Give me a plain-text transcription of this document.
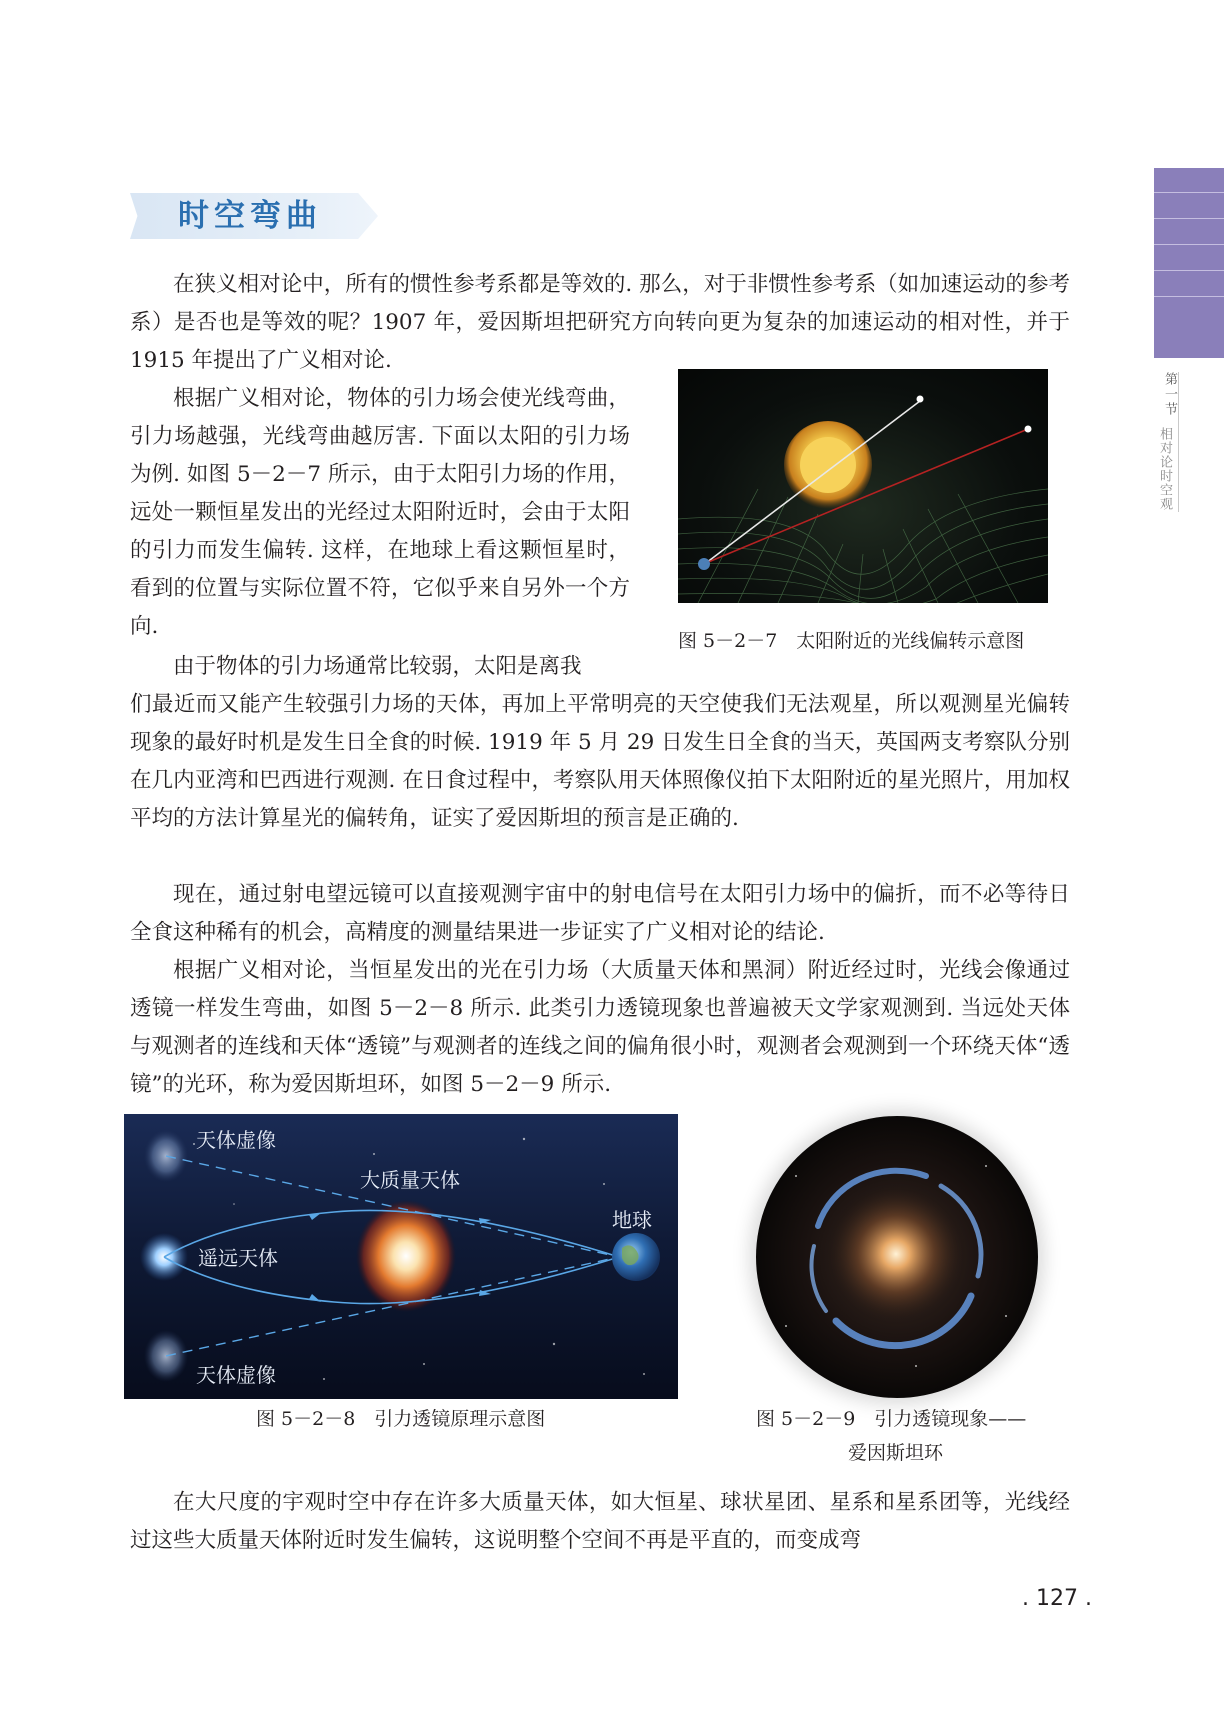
时空弯曲
第一节
相对论时空观
在狭义相对论中，所有的惯性参考系都是等效的. 那么，对于非惯性参考系（如加速运动的参考系）是否也是等效的呢？1907 年，爱因斯坦把研究方向转向更为复杂的加速运动的相对性，并于 1915 年提出了广义相对论.
根据广义相对论，物体的引力场会使光线弯曲，引力场越强，光线弯曲越厉害. 下面以太阳的引力场为例. 如图 5－2－7 所示，由于太阳引力场的作用，远处一颗恒星发出的光经过太阳附近时，会由于太阳的引力而发生偏转. 这样，在地球上看这颗恒星时，看到的位置与实际位置不符，它似乎来自另外一个方向.
由于物体的引力场通常比较弱，太阳是离我
们最近而又能产生较强引力场的天体，再加上平常明亮的天空使我们无法观星，所以观测星光偏转现象的最好时机是发生日全食的时候. 1919 年 5 月 29 日发生日全食的当天，英国两支考察队分别在几内亚湾和巴西进行观测. 在日食过程中，考察队用天体照像仪拍下太阳附近的星光照片，用加权平均的方法计算星光的偏转角，证实了爱因斯坦的预言是正确的.
现在，通过射电望远镜可以直接观测宇宙中的射电信号在太阳引力场中的偏折，而不必等待日全食这种稀有的机会，高精度的测量结果进一步证实了广义相对论的结论.
根据广义相对论，当恒星发出的光在引力场（大质量天体和黑洞）附近经过时，光线会像通过透镜一样发生弯曲，如图 5－2－8 所示. 此类引力透镜现象也普遍被天文学家观测到. 当远处天体与观测者的连线和天体“透镜”与观测者的连线之间的偏角很小时，观测者会观测到一个环绕天体“透镜”的光环，称为爱因斯坦环，如图 5－2－9 所示.
在大尺度的宇观时空中存在许多大质量天体，如大恒星、球状星团、星系和星系团等，光线经过这些大质量天体附近时发生偏转，这说明整个空间不再是平直的，而变成弯
图 5－2－7　太阳附近的光线偏转示意图
天体虚像
大质量天体
地球
遥远天体
天体虚像
图 5－2－8　引力透镜原理示意图	图 5－2－9　引力透镜现象——
爱因斯坦环
. 127 .
